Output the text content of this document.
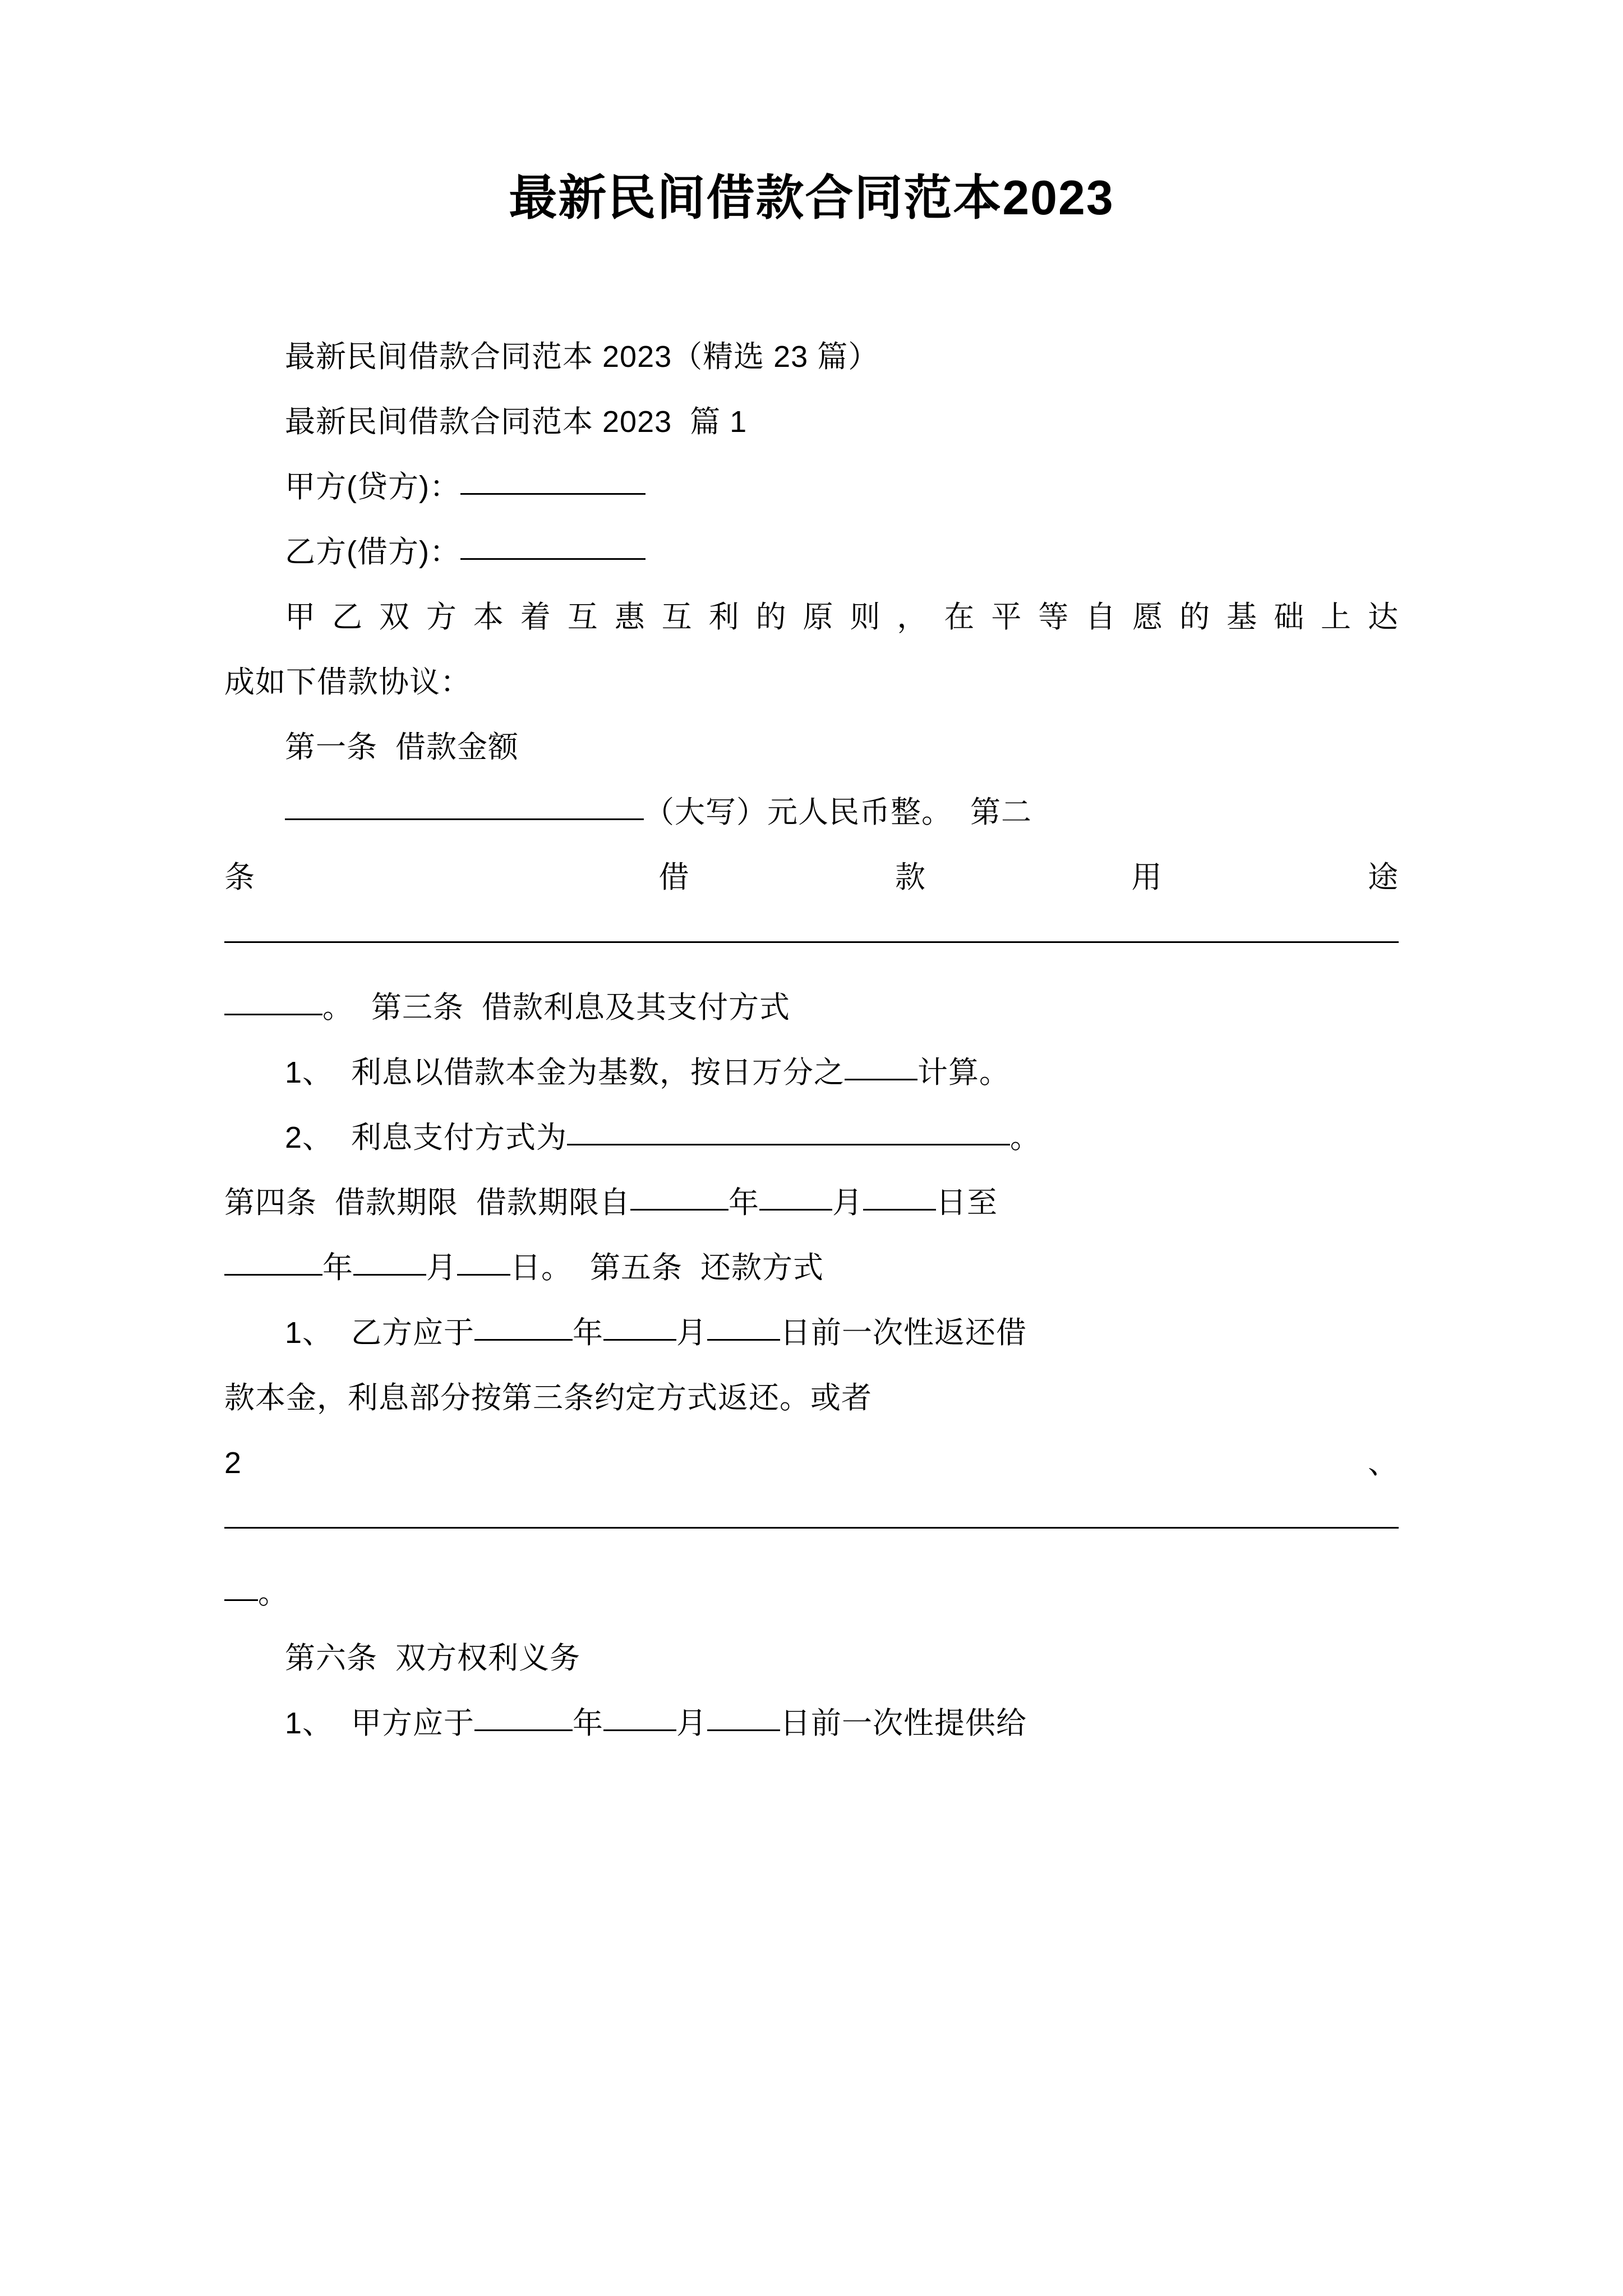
最新民间借款合同范本2023

最新民间借款合同范本 2023（精选 23 篇）

最新民间借款合同范本 2023  篇 1

甲方(贷方)：

乙方(借方)：

甲乙双方本着互惠互利的原则，在平等自愿的基础上达

成如下借款协议：

第一条  借款金额

（大写）元人民币整。  第二

条                        借            款            用            途

。  第三条  借款利息及其支付方式

1、  利息以借款本金为基数，按日万分之 计算。

2、  利息支付方式为	。

第四条  借款期限  借款期限自	年 月 日至

年 月 日。  第五条  还款方式

1、  乙方应于	年 月 日前一次性返还借

款本金，利息部分按第三条约定方式返还。或者

2                                              、

。

第六条  双方权利义务

1、  甲方应于	年 月 日前一次性提供给
